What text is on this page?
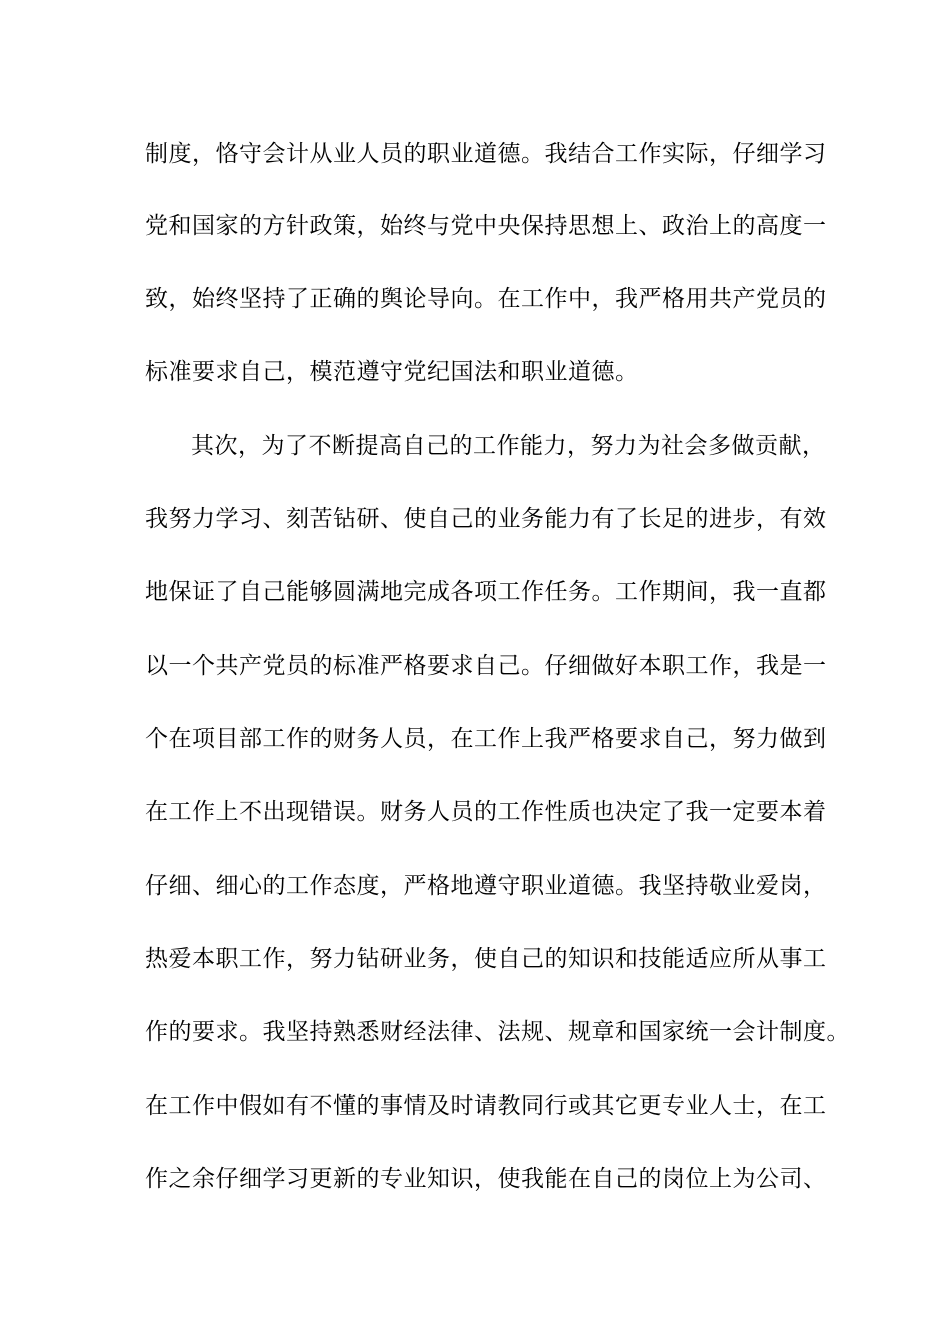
制度，恪守会计从业人员的职业道德。我结合工作实际，仔细学习
党和国家的方针政策，始终与党中央保持思想上、政治上的高度一
致，始终坚持了正确的舆论导向。在工作中，我严格用共产党员的
标准要求自己，模范遵守党纪国法和职业道德。
其次，为了不断提高自己的工作能力，努力为社会多做贡献，
我努力学习、刻苦钻研、使自己的业务能力有了长足的进步，有效
地保证了自己能够圆满地完成各项工作任务。工作期间，我一直都
以一个共产党员的标准严格要求自己。仔细做好本职工作，我是一
个在项目部工作的财务人员，在工作上我严格要求自己，努力做到
在工作上不出现错误。财务人员的工作性质也决定了我一定要本着
仔细、细心的工作态度，严格地遵守职业道德。我坚持敬业爱岗，
热爱本职工作，努力钻研业务，使自己的知识和技能适应所从事工
作的要求。我坚持熟悉财经法律、法规、规章和国家统一会计制度。
在工作中假如有不懂的事情及时请教同行或其它更专业人士，在工
作之余仔细学习更新的专业知识，使我能在自己的岗位上为公司、
